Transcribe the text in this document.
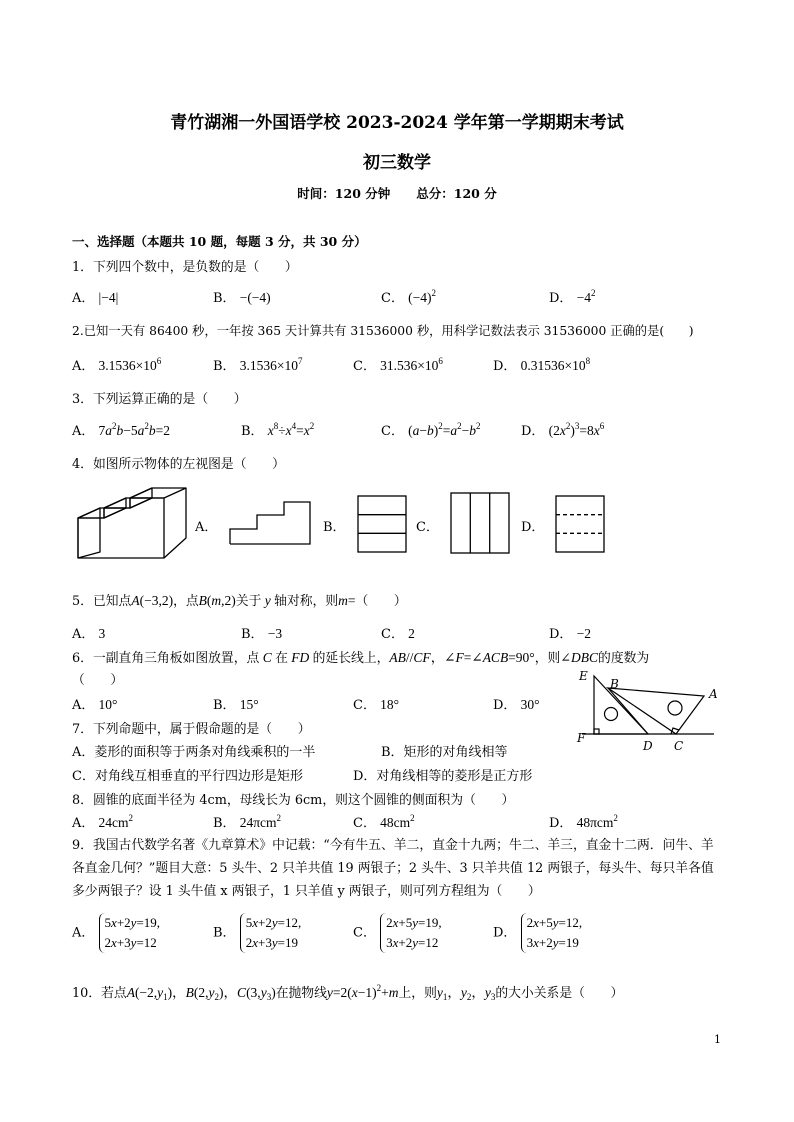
青竹湖湘一外国语学校 2023-2024 学年第一学期期末考试
初三数学
时间：120 分钟 总分：120 分
一、选择题（本题共 10 题，每题 3 分，共 30 分）
1．下列四个数中，是负数的是（　　）
A． |−4|	B． −(−4)	C． $(-4)^2$	D． $-4^2$
2.已知一天有 86400 秒，一年按 365 天计算共有 31536000 秒，用科学记数法表示 31536000 正确的是(　　)
A． $3.1536\times 10^6$	B． $3.1536\times 10^7$	C． $31.536\times 10^6$	D． $0.31536\times 10^8$
3．下列运算正确的是（　　）
A． $7a^2b-5a^2b=2$	B． $x^8\div x^4=x^2$	C． $(a-b)^2=a^2-b^2$	D． $(2x^2)^3=8x^6$
4．如图所示物体的左视图是（　　）
A．	B．	C．	D．
5．已知点A(−3,2)，点B(m,2)关于 y 轴对称，则m=（　　）
A． 3	B． −3	C． 2	D． −2
6．一副直角三角板如图放置，点 C 在 FD 的延长线上，AB//CF，∠F=∠ACB=90°，则∠DBC的度数为
（　　）
A． 10°	B． 15°	C． 18°	D． 30°
E
B
A
F
D C
7．下列命题中，属于假命题的是（　　）
A．菱形的面积等于两条对角线乘积的一半	B．矩形的对角线相等
C．对角线互相垂直的平行四边形是矩形	D．对角线相等的菱形是正方形
8．圆锥的底面半径为 4cm，母线长为 6cm，则这个圆锥的侧面积为（　　）
A． $24cm^2$	B． 24πcm$^2$	C． $48cm^2$	D． 48πcm$^2$
9．我国古代数学名著《九章算术》中记载：“今有牛五、羊二，直金十九两；牛二、羊三，直金十二两．问牛、羊各直金几何？”题目大意：5 头牛、2 只羊共值 19 两银子；2 头牛、3 只羊共值 12 两银子，每头牛、每只羊各值多少两银子？设 1 头牛值 x 两银子，1 只羊值 y 两银子，则可列方程组为（　　）
A． 5x+2y=19,
2x+3y=12
B． 5x+2y=12,
2x+3y=19
C． 2x+5y=19,
3x+2y=12
D． 2x+5y=12,
3x+2y=19
10．若点$A(-2,y_1)$，$B(2,y_2)$，$C(3,y_3)$在抛物线$y=2(x-1)^2+m$上，则$y_1$，$y_2$，$y_3$的大小关系是（　　）
1
